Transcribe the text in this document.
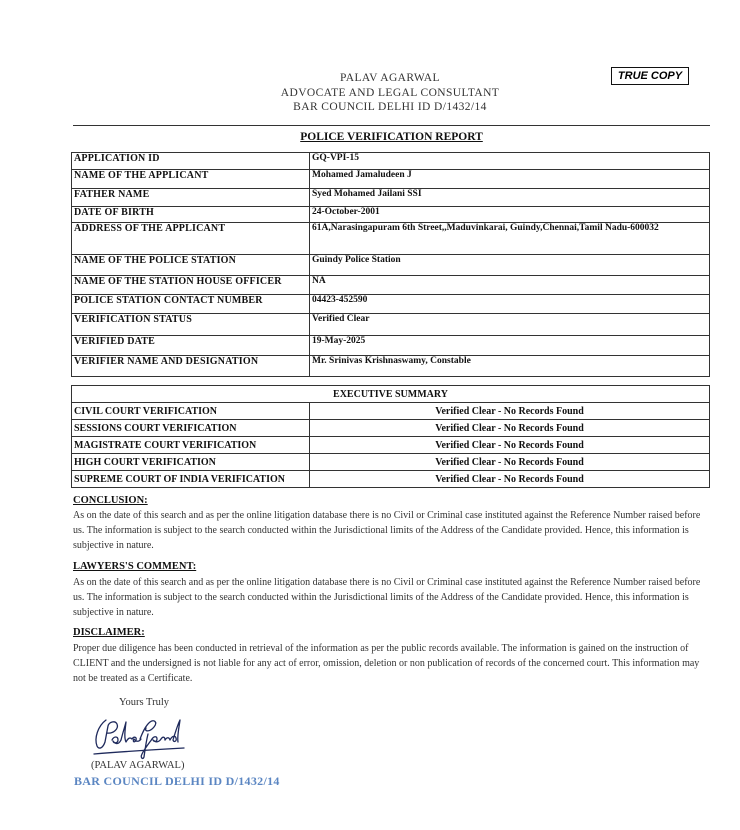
PALAV AGARWAL
ADVOCATE AND LEGAL CONSULTANT
BAR COUNCIL DELHI ID D/1432/14
TRUE COPY
POLICE VERIFICATION REPORT
APPLICATION ID	GQ-VPI-15
NAME OF THE APPLICANT	Mohamed Jamaludeen J
FATHER NAME	Syed Mohamed Jailani SSI
DATE OF BIRTH	24-October-2001
ADDRESS OF THE APPLICANT	61A,Narasingapuram 6th Street,,Maduvinkarai, Guindy,Chennai,Tamil Nadu-600032
NAME OF THE POLICE STATION	Guindy Police Station
NAME OF THE STATION HOUSE OFFICER	NA
POLICE STATION CONTACT NUMBER	04423-452590
VERIFICATION STATUS	Verified Clear
VERIFIED DATE	19-May-2025
VERIFIER NAME AND DESIGNATION	Mr. Srinivas Krishnaswamy, Constable
EXECUTIVE SUMMARY	
CIVIL COURT VERIFICATION	Verified Clear - No Records Found
SESSIONS COURT VERIFICATION	Verified Clear - No Records Found
MAGISTRATE COURT VERIFICATION	Verified Clear - No Records Found
HIGH COURT VERIFICATION	Verified Clear - No Records Found
SUPREME COURT OF INDIA VERIFICATION	Verified Clear - No Records Found
CONCLUSION:
As on the date of this search and as per the online litigation database there is no Civil or Criminal case instituted against the Reference Number raised before us. The information is subject to the search conducted within the Jurisdictional limits of the Address of the Candidate provided. Hence, this information is subjective in nature.
LAWYERS'S COMMENT:
As on the date of this search and as per the online litigation database there is no Civil or Criminal case instituted against the Reference Number raised before us. The information is subject to the search conducted within the Jurisdictional limits of the Address of the Candidate provided. Hence, this information is subjective in nature.
DISCLAIMER:
Proper due diligence has been conducted in retrieval of the information as per the public records available. The information is gained on the instruction of CLIENT and the undersigned is not liable for any act of error, omission, deletion or non publication of records of the concerned court. This information may not be treated as a Certificate.
Yours Truly
(PALAV AGARWAL)
BAR COUNCIL DELHI ID D/1432/14
